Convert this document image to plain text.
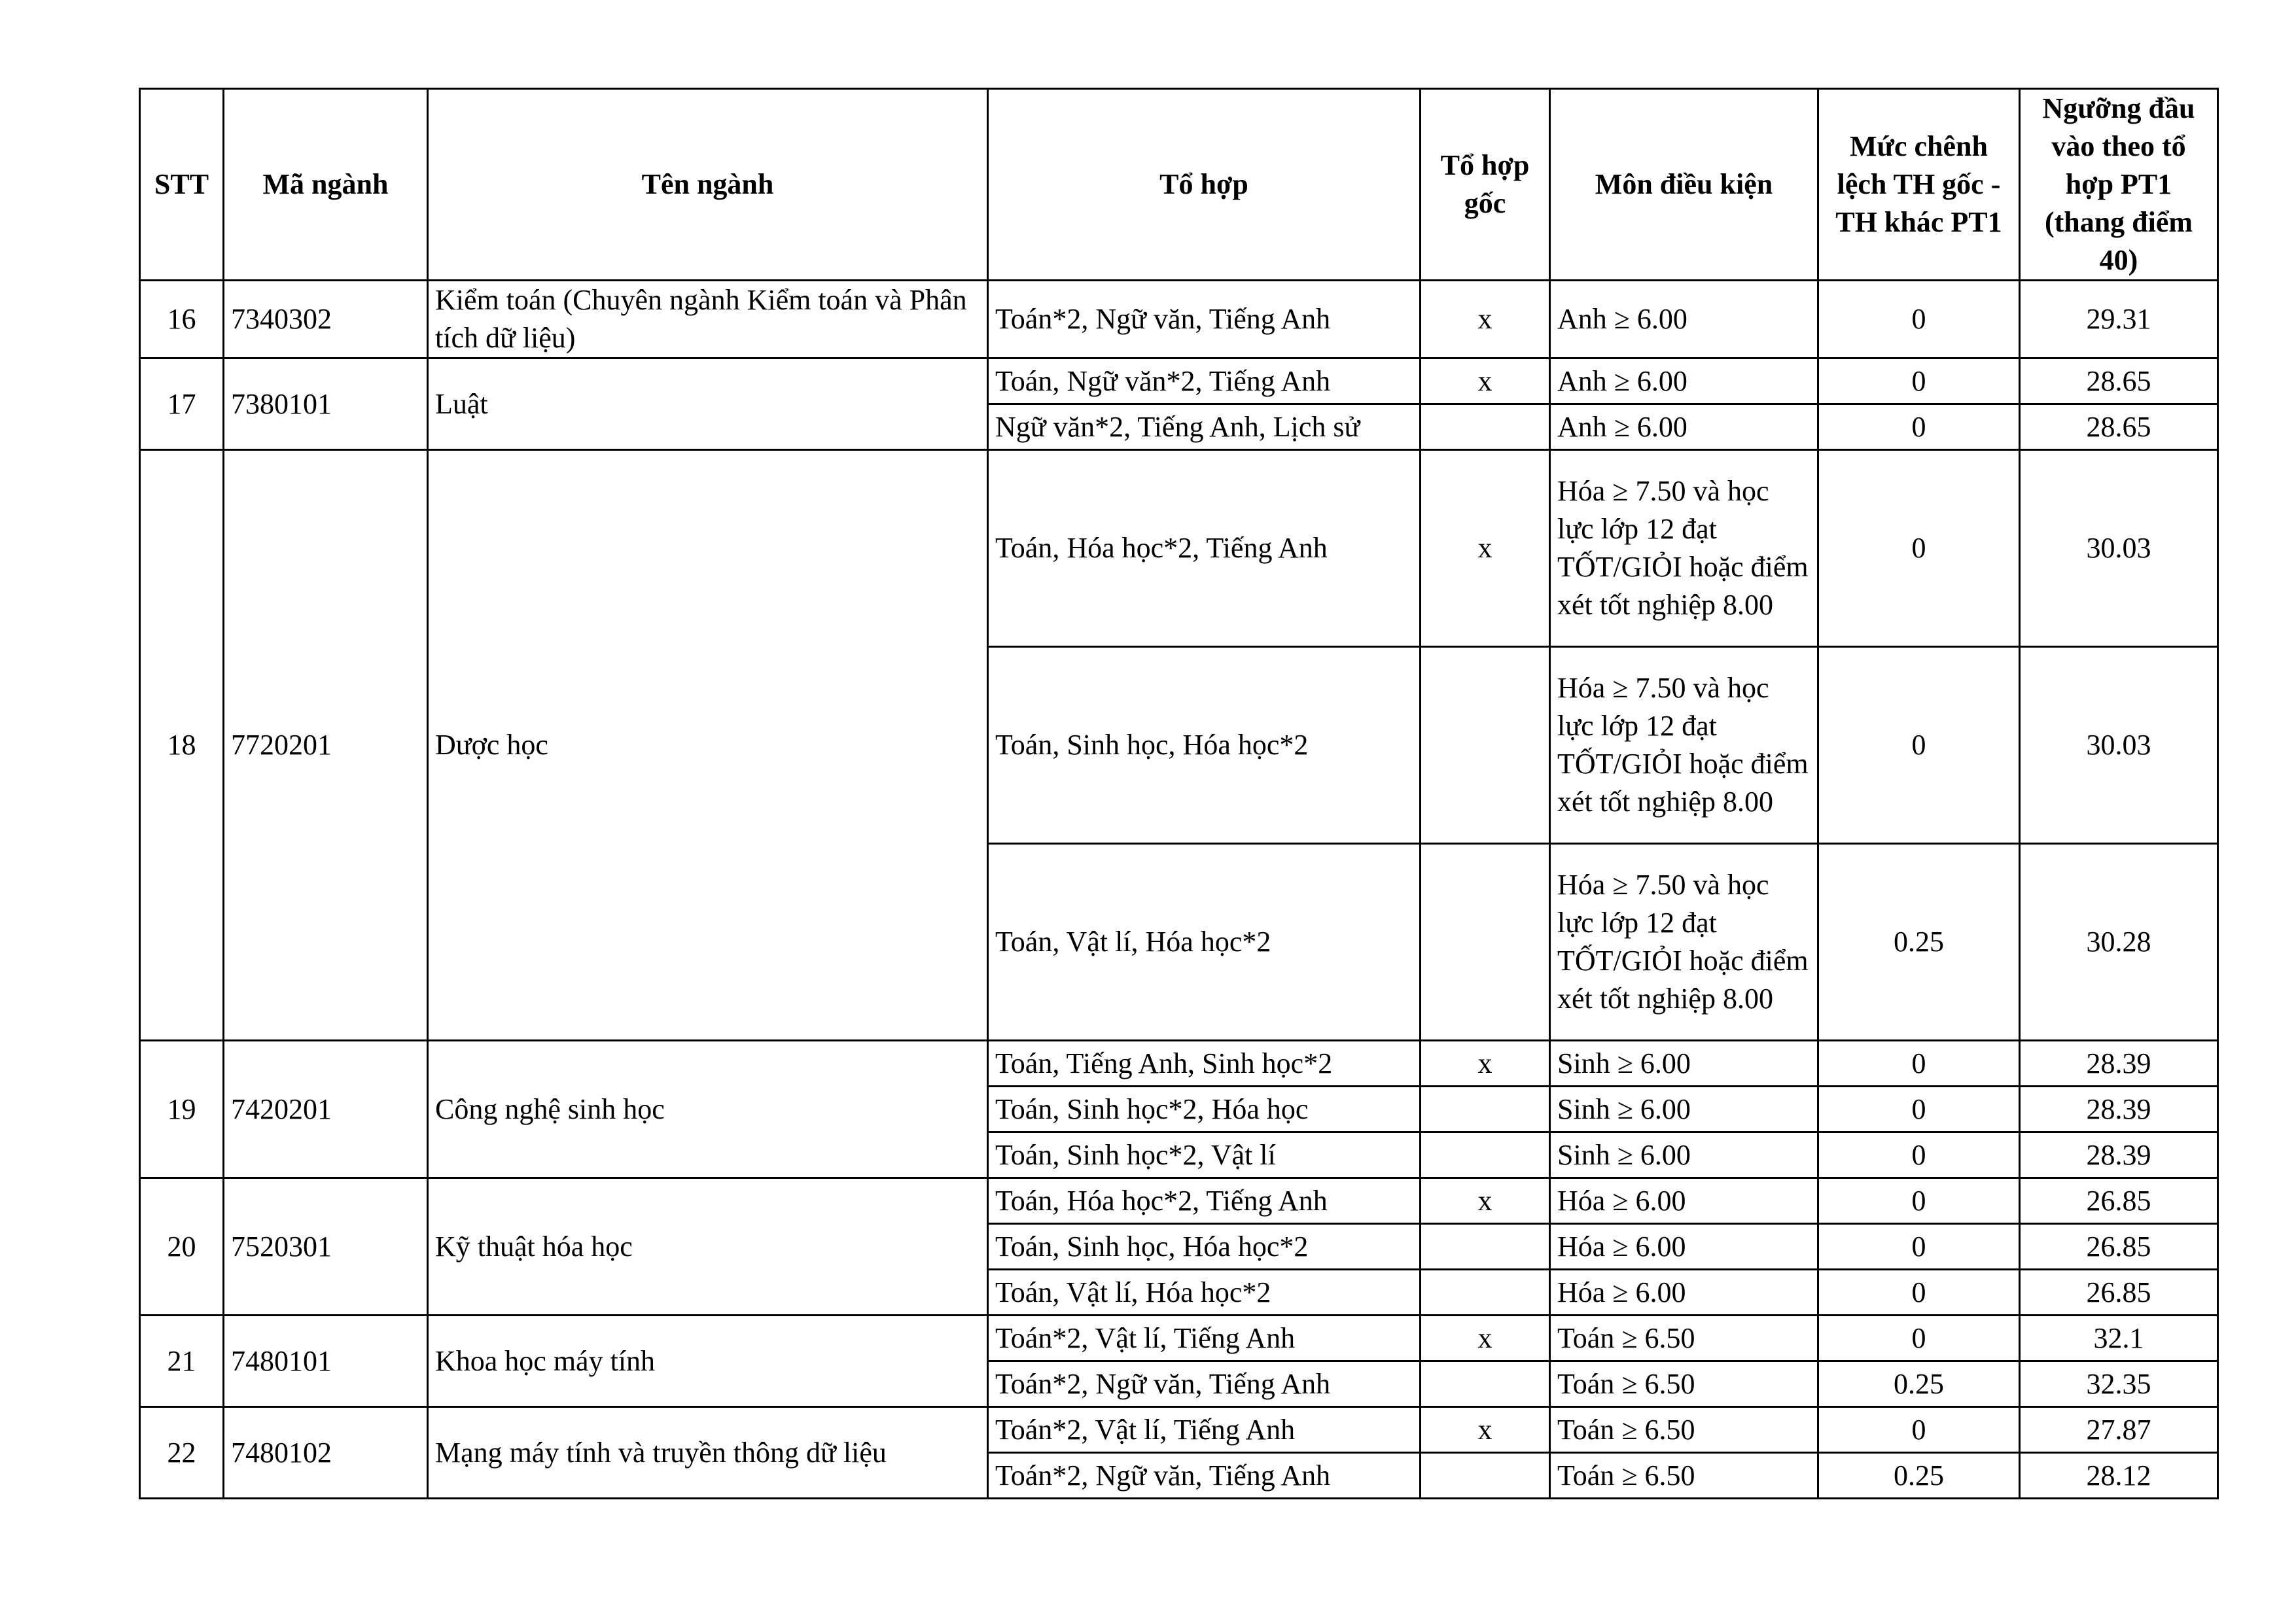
STT	Mã ngành	Tên ngành	Tổ hợp	Tổ hợp gốc	Môn điều kiện	Mức chênh lệch TH gốc - TH khác PT1	Ngưỡng đầu vào theo tổ hợp PT1 (thang điểm 40)
16	7340302	Kiểm toán (Chuyên ngành Kiểm toán và Phân tích dữ liệu)	Toán*2, Ngữ văn, Tiếng Anh	x	Anh ≥ 6.00	0	29.31
17	7380101	Luật	Toán, Ngữ văn*2, Tiếng Anh	x	Anh ≥ 6.00	0	28.65
			Ngữ văn*2, Tiếng Anh, Lịch sử		Anh ≥ 6.00	0	28.65
18	7720201	Dược học	Toán, Hóa học*2, Tiếng Anh	x	Hóa ≥ 7.50 và học lực lớp 12 đạt TỐT/GIỎI hoặc điểm xét tốt nghiệp 8.00	0	30.03
			Toán, Sinh học, Hóa học*2		Hóa ≥ 7.50 và học lực lớp 12 đạt TỐT/GIỎI hoặc điểm xét tốt nghiệp 8.00	0	30.03
			Toán, Vật lí, Hóa học*2		Hóa ≥ 7.50 và học lực lớp 12 đạt TỐT/GIỎI hoặc điểm xét tốt nghiệp 8.00	0.25	30.28
19	7420201	Công nghệ sinh học	Toán, Tiếng Anh, Sinh học*2	x	Sinh ≥ 6.00	0	28.39
			Toán, Sinh học*2, Hóa học		Sinh ≥ 6.00	0	28.39
			Toán, Sinh học*2, Vật lí		Sinh ≥ 6.00	0	28.39
20	7520301	Kỹ thuật hóa học	Toán, Hóa học*2, Tiếng Anh	x	Hóa ≥ 6.00	0	26.85
			Toán, Sinh học, Hóa học*2		Hóa ≥ 6.00	0	26.85
			Toán, Vật lí, Hóa học*2		Hóa ≥ 6.00	0	26.85
21	7480101	Khoa học máy tính	Toán*2, Vật lí, Tiếng Anh	x	Toán ≥ 6.50	0	32.1
			Toán*2, Ngữ văn, Tiếng Anh		Toán ≥ 6.50	0.25	32.35
22	7480102	Mạng máy tính và truyền thông dữ liệu	Toán*2, Vật lí, Tiếng Anh	x	Toán ≥ 6.50	0	27.87
			Toán*2, Ngữ văn, Tiếng Anh		Toán ≥ 6.50	0.25	28.12
